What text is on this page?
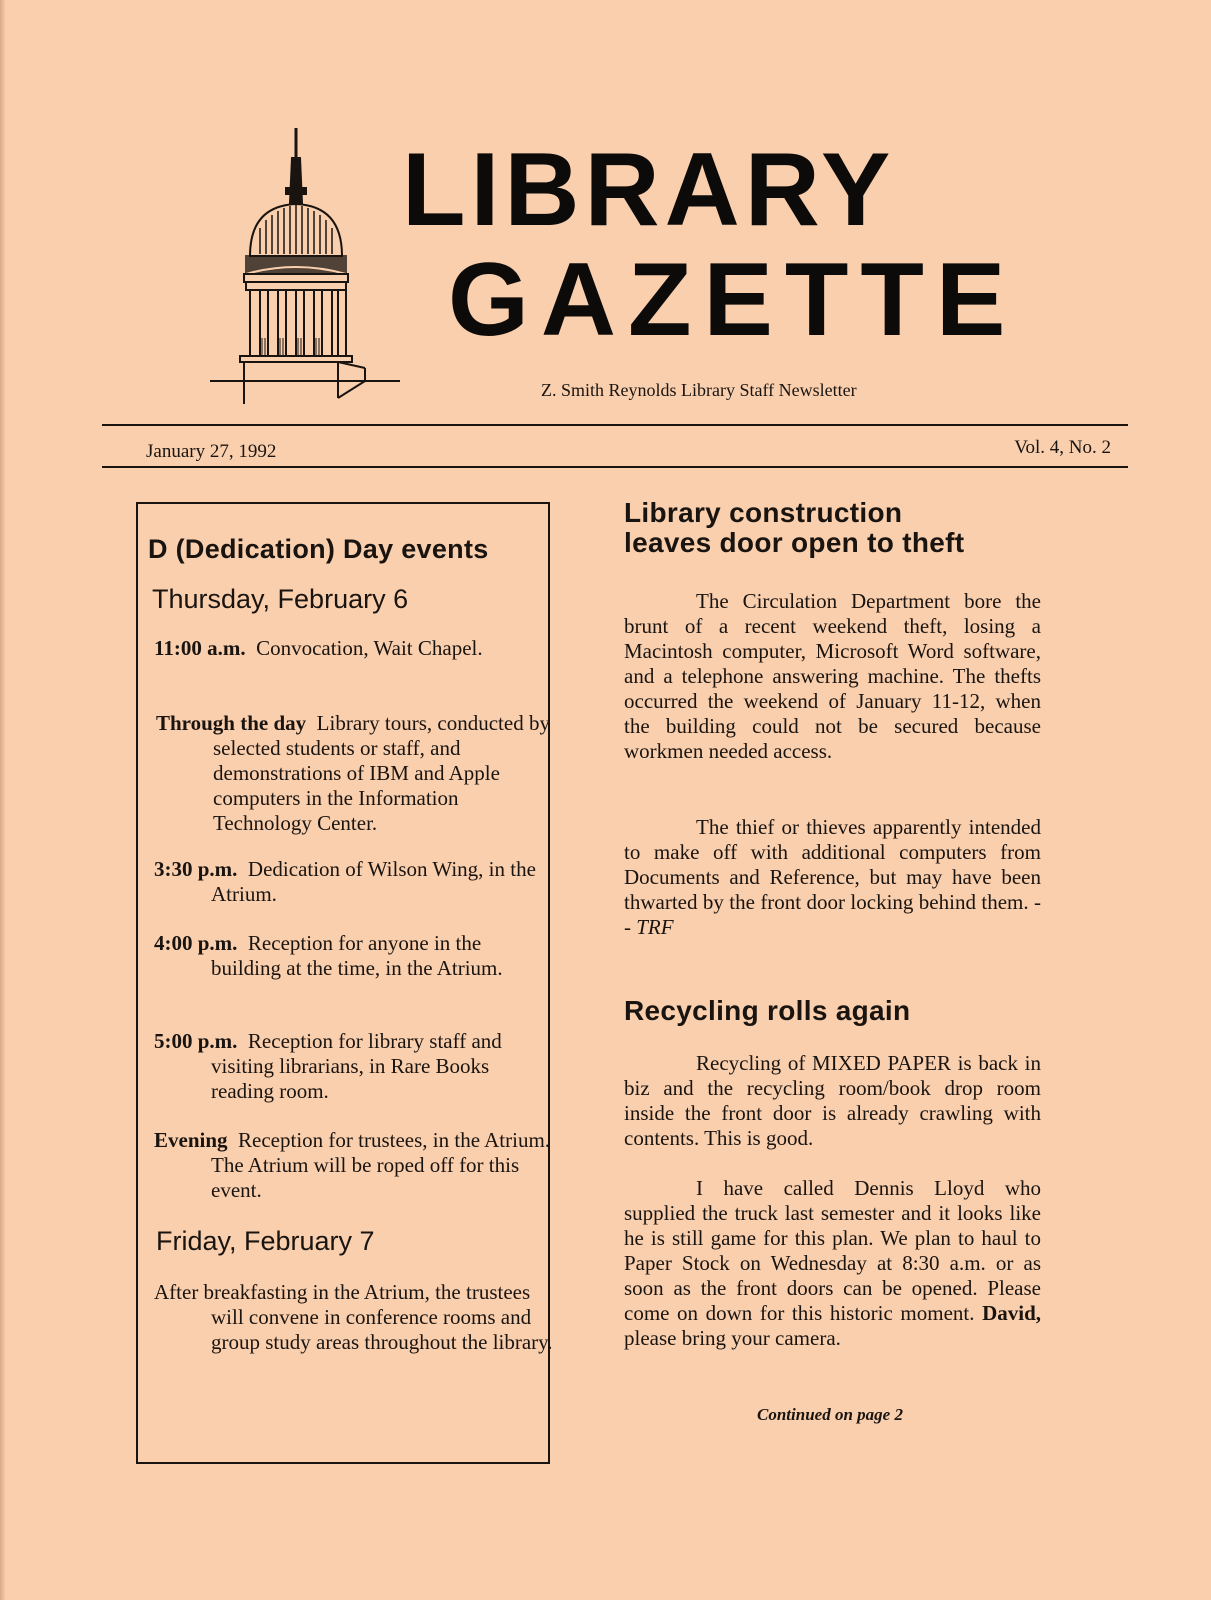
LIBRARY
GAZETTE
Z. Smith Reynolds Library Staff Newsletter
January 27, 1992	Vol. 4, No. 2
D (Dedication) Day events
Thursday, February 6
11:00 a.m. Convocation, Wait Chapel.
Through the day Library tours, conducted by selected students or staff, and demonstrations of IBM and Apple computers in the Information Technology Center.
3:30 p.m. Dedication of Wilson Wing, in the Atrium.
4:00 p.m. Reception for anyone in the building at the time, in the Atrium.
5:00 p.m. Reception for library staff and visiting librarians, in Rare Books reading room.
Evening Reception for trustees, in the Atrium. The Atrium will be roped off for this event.
Friday, February 7
After breakfasting in the Atrium, the trustees will convene in conference rooms and group study areas throughout the library.
Library construction
leaves door open to theft

The Circulation Department bore the brunt of a recent weekend theft, losing a Macintosh computer, Microsoft Word software, and a telephone answering machine. The thefts occurred the weekend of January 11-12, when the building could not be secured because workmen needed access.

The thief or thieves apparently intended to make off with additional computers from Documents and Reference, but may have been thwarted by the front door locking behind them. -- TRF

Recycling rolls again

Recycling of MIXED PAPER is back in biz and the recycling room/book drop room inside the front door is already crawling with contents. This is good.

I have called Dennis Lloyd who supplied the truck last semester and it looks like he is still game for this plan. We plan to haul to Paper Stock on Wednesday at 8:30 a.m. or as soon as the front doors can be opened. Please come on down for this historic moment. David, please bring your camera.

Continued on page 2
